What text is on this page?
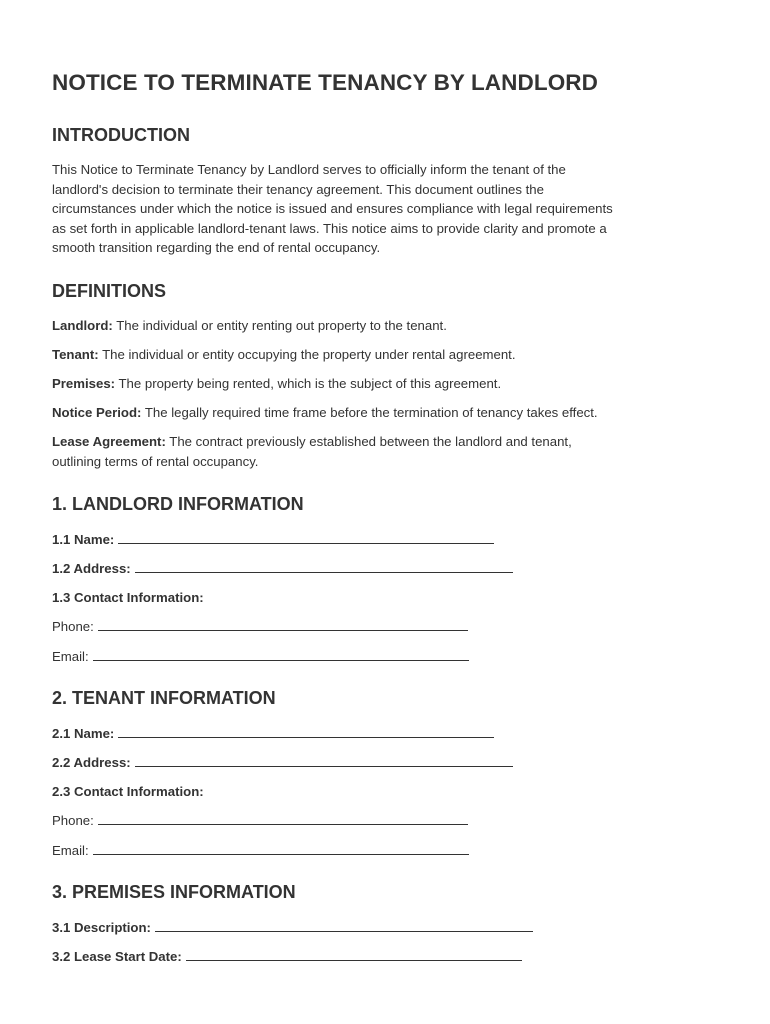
NOTICE TO TERMINATE TENANCY BY LANDLORD
INTRODUCTION
This Notice to Terminate Tenancy by Landlord serves to officially inform the tenant of the
landlord's decision to terminate their tenancy agreement. This document outlines the
circumstances under which the notice is issued and ensures compliance with legal requirements
as set forth in applicable landlord-tenant laws. This notice aims to provide clarity and promote a
smooth transition regarding the end of rental occupancy.
DEFINITIONS
Landlord: The individual or entity renting out property to the tenant.
Tenant: The individual or entity occupying the property under rental agreement.
Premises: The property being rented, which is the subject of this agreement.
Notice Period: The legally required time frame before the termination of tenancy takes effect.
Lease Agreement: The contract previously established between the landlord and tenant,
outlining terms of rental occupancy.
1. LANDLORD INFORMATION
1.1 Name:
1.2 Address:
1.3 Contact Information:
Phone:
Email:
2. TENANT INFORMATION
2.1 Name:
2.2 Address:
2.3 Contact Information:
Phone:
Email:
3. PREMISES INFORMATION
3.1 Description:
3.2 Lease Start Date:
